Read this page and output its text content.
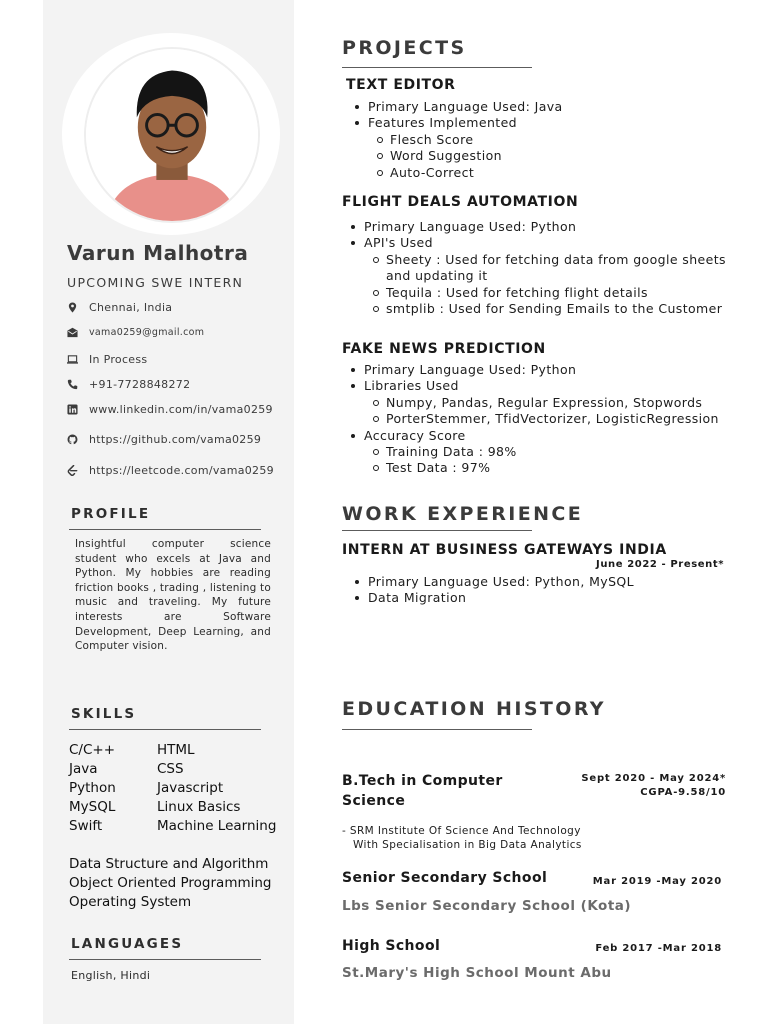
Varun Malhotra
UPCOMING SWE INTERN
Chennai, India
vama0259@gmail.com
In Process
+91-7728848272
www.linkedin.com/in/vama0259
https://github.com/vama0259
https://leetcode.com/vama0259
PROFILE
Insightful computer science student who excels at Java and Python. My hobbies are reading friction books , trading , listening to music and traveling. My future interests are Software Development, Deep Learning, and Computer vision.
SKILLS
C/C++	HTML
Java	CSS
Python	Javascript
MySQL	Linux Basics
Swift	Machine Learning
Data Structure and Algorithm
Object Oriented Programming
Operating System
LANGUAGES
English, Hindi
PROJECTS
TEXT EDITOR
Primary Language Used: Java
Features Implemented
Flesch Score
Word Suggestion
Auto-Correct
FLIGHT DEALS AUTOMATION
Primary Language Used: Python
API's Used
Sheety : Used for fetching data from google sheets
and updating it
Tequila : Used for fetching flight details
smtplib : Used for Sending Emails to the Customer
FAKE NEWS PREDICTION
Primary Language Used: Python
Libraries Used
Numpy, Pandas, Regular Expression, Stopwords
PorterStemmer, TfidVectorizer, LogisticRegression
Accuracy Score
Training Data : 98%
Test Data : 97%
WORK EXPERIENCE
INTERN AT BUSINESS GATEWAYS INDIA
June 2022 - Present*
Primary Language Used: Python, MySQL
Data Migration
EDUCATION HISTORY
B.Tech in Computer
Science
Sept 2020 - May 2024*
CGPA-9.58/10
- SRM Institute Of Science And Technology
With Specialisation in Big Data Analytics
Senior Secondary School	Mar 2019 -May 2020
Lbs Senior Secondary School (Kota)
High School	Feb 2017 -Mar 2018
St.Mary's High School Mount Abu
